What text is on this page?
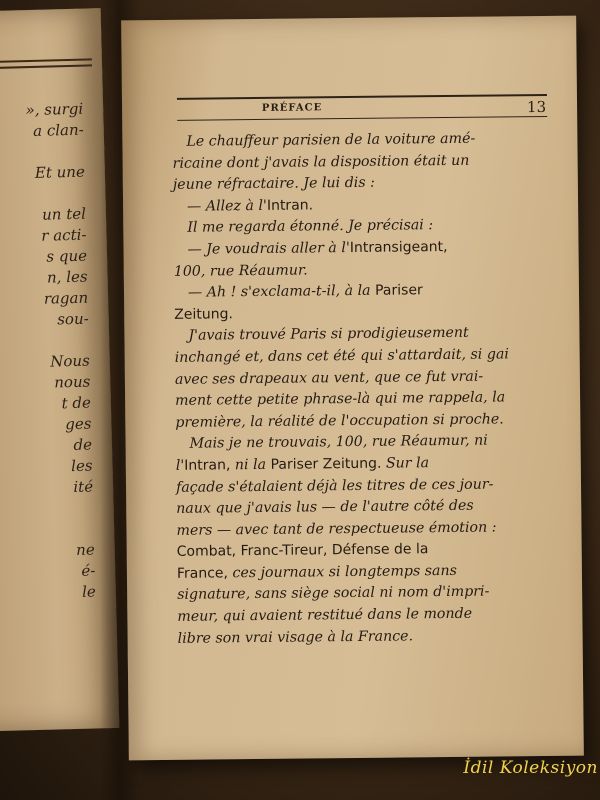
», surgi
a clan-

Et une

un tel
r acti-
s que
n, les
ragan
sou-

Nous
nous
t de
ges
de
les
ité

ne
é-
le
PRÉFACE	13
Le chauffeur parisien de la voiture amé-
ricaine dont j'avais la disposition était un
jeune réfractaire. Je lui dis :
— Allez à l'Intran.
Il me regarda étonné. Je précisai :
— Je voudrais aller à l'Intransigeant,
100, rue Réaumur.
— Ah ! s'exclama-t-il, à la Pariser
Zeitung.
J'avais trouvé Paris si prodigieusement
inchangé et, dans cet été qui s'attardait, si gai
avec ses drapeaux au vent, que ce fut vrai-
ment cette petite phrase-là qui me rappela, la
première, la réalité de l'occupation si proche.
Mais je ne trouvais, 100, rue Réaumur, ni
l'Intran, ni la Pariser Zeitung. Sur la
façade s'étalaient déjà les titres de ces jour-
naux que j'avais lus — de l'autre côté des
mers — avec tant de respectueuse émotion :
Combat, Franc-Tireur, Défense de la
France, ces journaux si longtemps sans
signature, sans siège social ni nom d'impri-
meur, qui avaient restitué dans le monde
libre son vrai visage à la France.
İdil Koleksiyon
